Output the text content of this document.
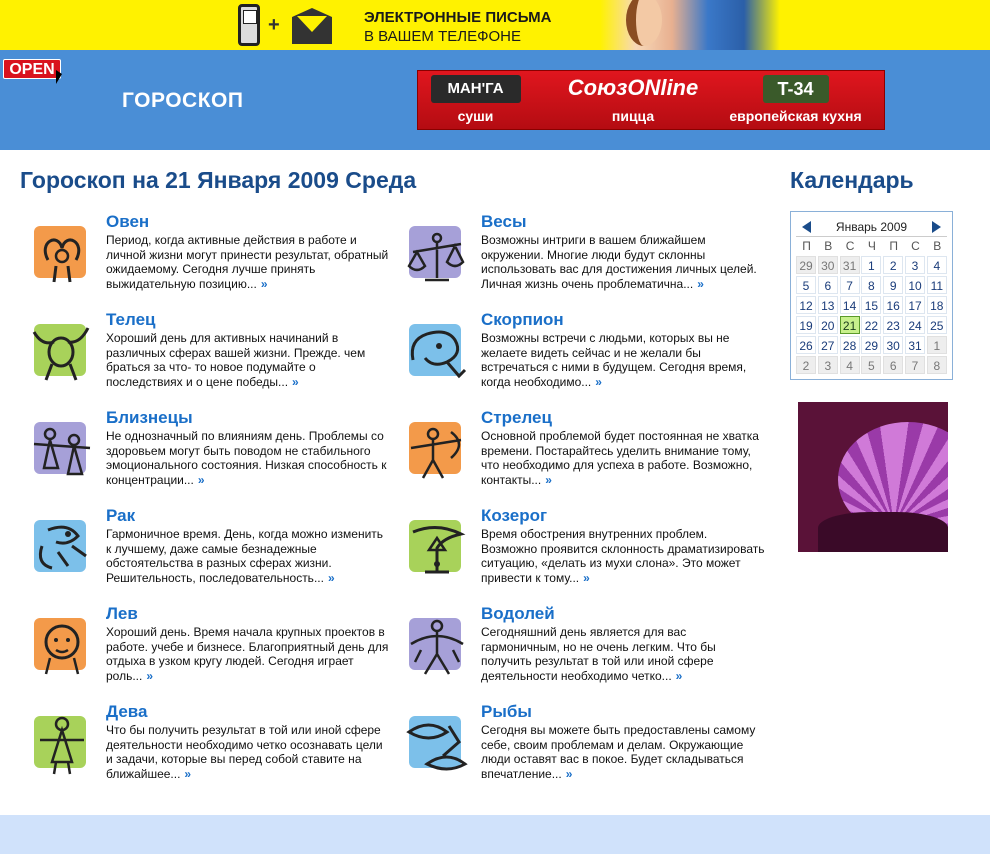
+	ЭЛЕКТРОННЫЕ ПИСЬМА
В ВАШЕМ ТЕЛЕФОНЕ
OPEN
ГОРОСКОП
MAH'ГА
суши
СоюзONline
пицца
T-34
европейская кухня
Гороскоп на 21 Января 2009 Среда	Календарь
Овен
Период, когда активные действия в работе и личной жизни могут принести результат, обратный ожидаемому. Сегодня лучше принять выжидательную позицию... »
Весы
Возможны интриги в вашем ближайшем окружении. Многие люди будут склонны использовать вас для достижения личных целей. Личная жизнь очень проблематична... »
Телец
Хороший день для активных начинаний в различных сферах вашей жизни. Прежде. чем браться за что- то новое подумайте о последствиях и о цене победы... »
Скорпион
Возможны встречи с людьми, которых вы не желаете видеть сейчас и не желали бы встречаться с ними в будущем. Сегодня время, когда необходимо... »
Близнецы
Не однозначный по влияниям день. Проблемы со здоровьем могут быть поводом не стабильного эмоционального состояния. Низкая способность к концентрации... »
Стрелец
Основной проблемой будет постоянная не хватка времени. Постарайтесь уделить внимание тому, что необходимо для успеха в работе. Возможно, контакты... »
Рак
Гармоничное время. День, когда можно изменить к лучшему, даже самые безнадежные обстоятельства в разных сферах жизни. Решительность, последовательность... »
Козерог
Время обострения внутренних проблем. Возможно проявится склонность драматизировать ситуацию, «делать из мухи слона». Это может привести к тому... »
Лев
Хороший день. Время начала крупных проектов в работе. учебе и бизнесе. Благоприятный день для отдыха в узком кругу людей. Сегодня играет роль... »
Водолей
Сегодняшний день является для вас гармоничным, но не очень легким. Что бы получить результат в той или иной сфере деятельности необходимо четко... »
Дева
Что бы получить результат в той или иной сфере деятельности необходимо четко осознавать цели и задачи, которые вы перед собой ставите на ближайшее... »
Рыбы
Сегодня вы можете быть предоставлены самому себе, своим проблемам и делам. Окружающие люди оставят вас в покое. Будет складываться впечатление... »
Январь 2009
П	В	С	Ч	П	С	В
29 30 31 1	2	3	4
5	6	7	8	9 10 11
12 13 14 15 16 17 18
19 20 21 22 23 24 25
26 27 28 29 30 31 1
2	3	4	5	6	7	8
